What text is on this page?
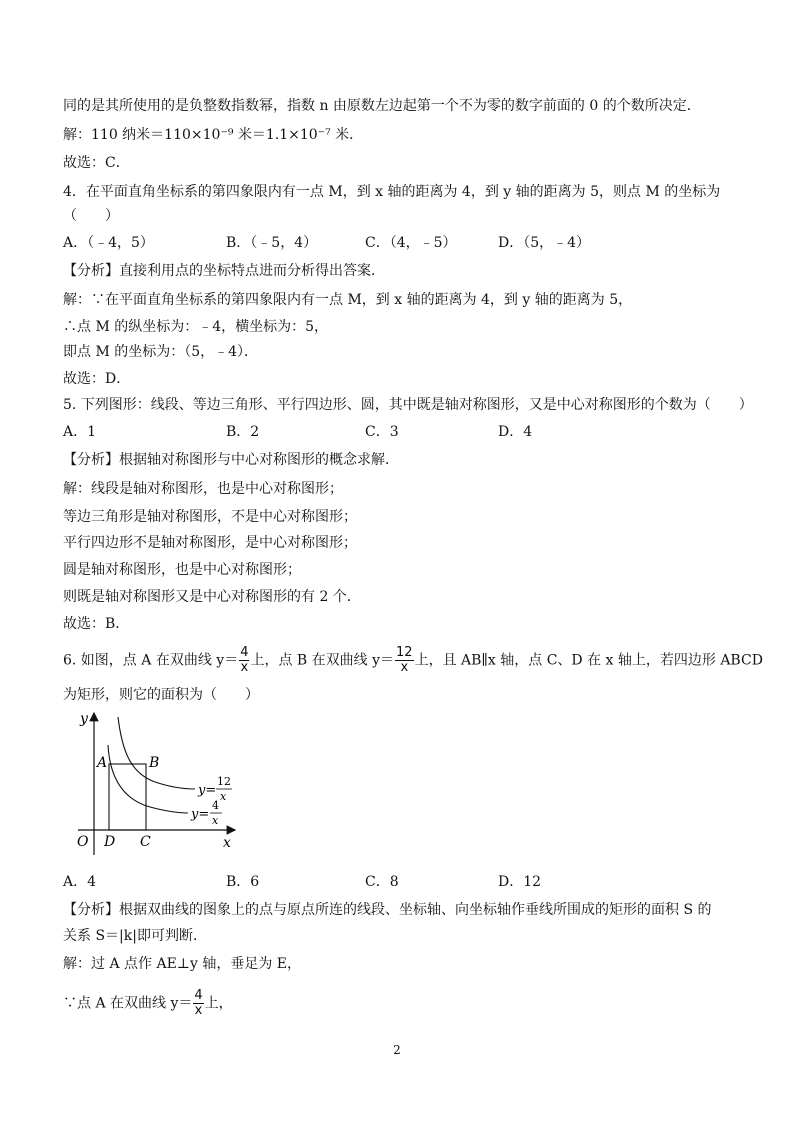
同的是其所使用的是负整数指数幂，指数 n 由原数左边起第一个不为零的数字前面的 0 的个数所决定．
解：110 纳米＝110×10⁻⁹ 米＝1.1×10⁻⁷ 米．
故选：C．
4．在平面直角坐标系的第四象限内有一点 M，到 x 轴的距离为 4，到 y 轴的距离为 5，则点 M 的坐标为
（　　）
A．（﹣4，5）	B．（﹣5，4）	C．（4，﹣5）	D．（5，﹣4）
【分析】直接利用点的坐标特点进而分析得出答案．
解：∵在平面直角坐标系的第四象限内有一点 M，到 x 轴的距离为 4，到 y 轴的距离为 5，
∴点 M 的纵坐标为：﹣4，横坐标为：5，
即点 M 的坐标为：（5，﹣4）．
故选：D．
5. 下列图形：线段、等边三角形、平行四边形、圆，其中既是轴对称图形，又是中心对称图形的个数为（　　）
A．1	B．2	C．3	D．4
【分析】根据轴对称图形与中心对称图形的概念求解．
解：线段是轴对称图形，也是中心对称图形；
等边三角形是轴对称图形，不是中心对称图形；
平行四边形不是轴对称图形，是中心对称图形；
圆是轴对称图形，也是中心对称图形；
则既是轴对称图形又是中心对称图形的有 2 个．
故选：B．
6. 如图，点 A 在双曲线 $y= \frac{4}{x}$ 上，点 B 在双曲线 $y= \frac{12}{x}$ 上，且 AB∥x 轴，点 C、D 在 x 轴上，若四边形 ABCD
为矩形，则它的面积为（　　）
y
x
O
A	B
D C
y=
12
x
y=
4
x
A．4	B．6	C．8	D．12
【分析】根据双曲线的图象上的点与原点所连的线段、坐标轴、向坐标轴作垂线所围成的矩形的面积 S 的
关系 S＝|k|即可判断．
解：过 A 点作 AE⊥y 轴，垂足为 E，
∵点 A 在双曲线 $y= \frac{4}{x}$ 上，
2
